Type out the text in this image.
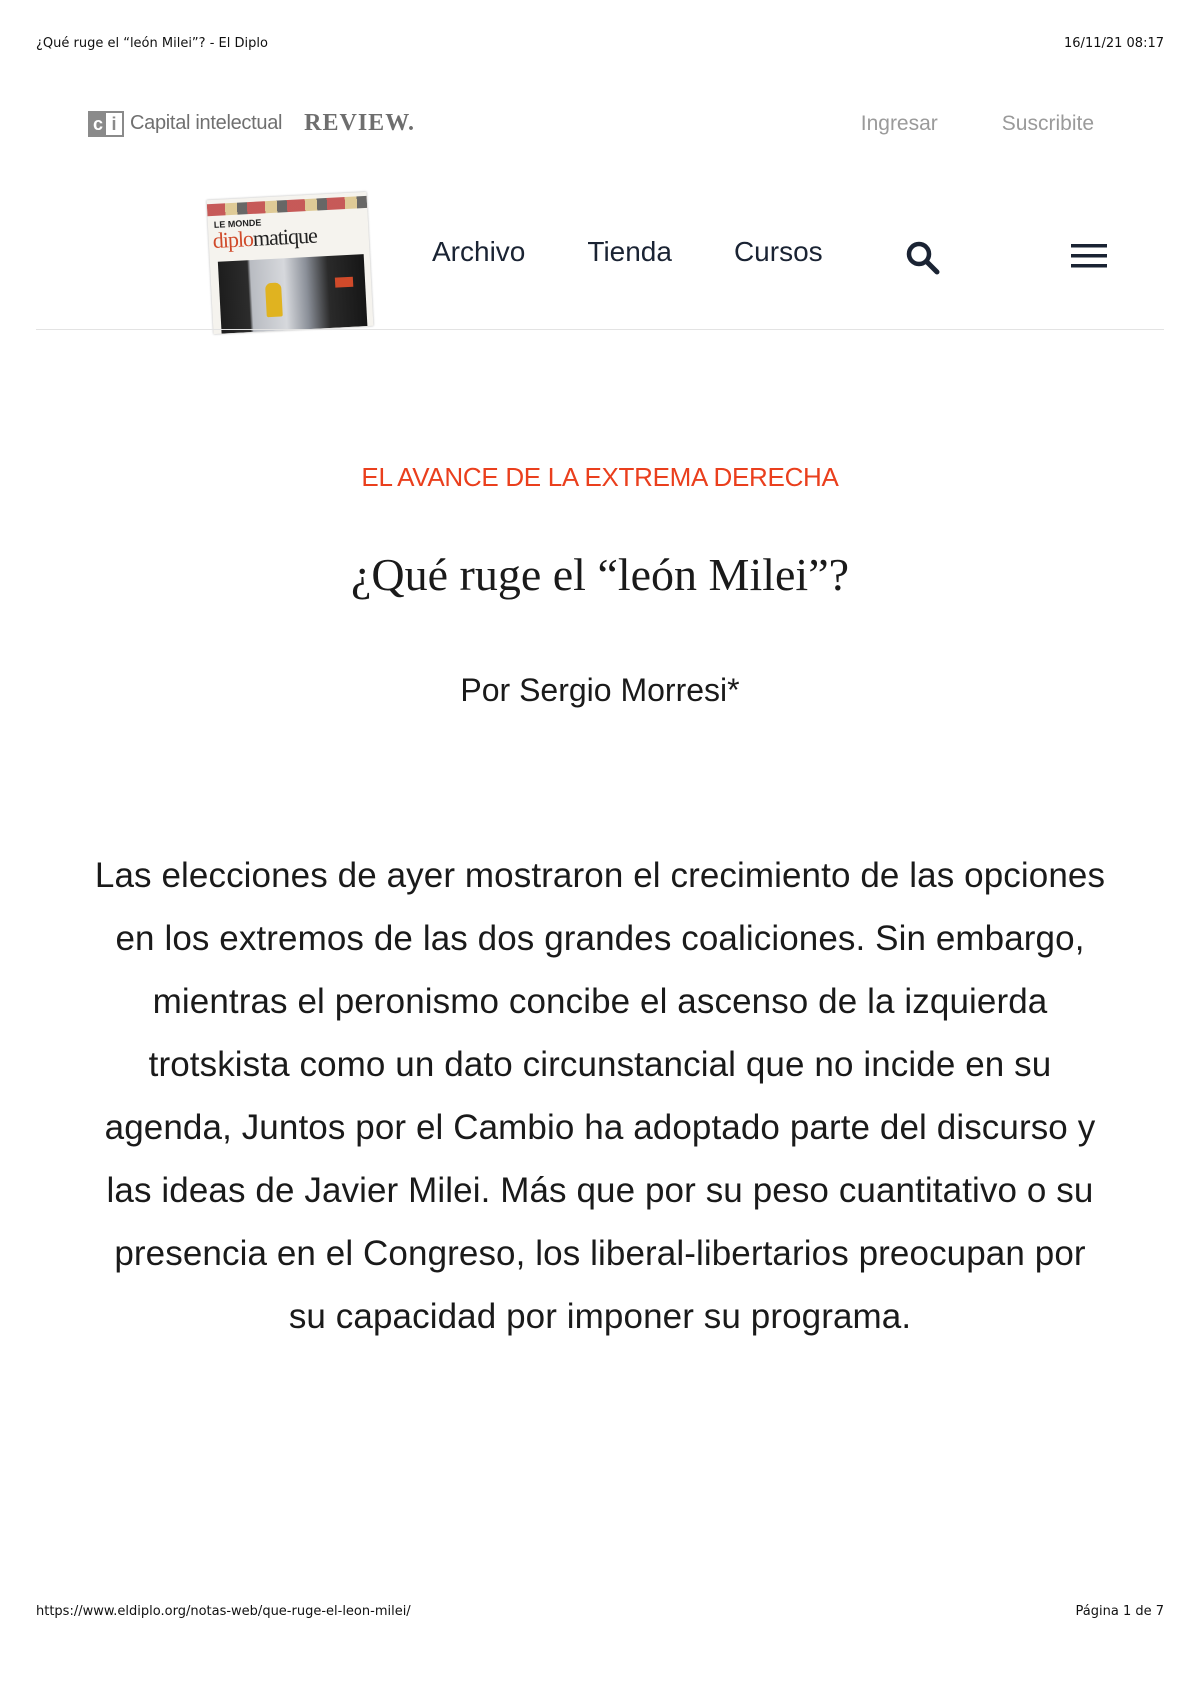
¿Qué ruge el “león Milei”? - El Diplo	16/11/21 08:17
c i Capital intelectual REVIEW.	Ingresar	Suscribite
LE MONDE
diplomatique	Archivo Tienda Cursos
EL AVANCE DE LA EXTREMA DERECHA
¿Qué ruge el “león Milei”?
Por Sergio Morresi*

Las elecciones de ayer mostraron el crecimiento de las opciones en los extremos de las dos grandes coaliciones. Sin embargo, mientras el peronismo concibe el ascenso de la izquierda trotskista como un dato circunstancial que no incide en su agenda, Juntos por el Cambio ha adoptado parte del discurso y las ideas de Javier Milei. Más que por su peso cuantitativo o su presencia en el Congreso, los liberal-libertarios preocupan por su capacidad por imponer su programa.

https://www.eldiplo.org/notas-web/que-ruge-el-leon-milei/	Página 1 de 7
